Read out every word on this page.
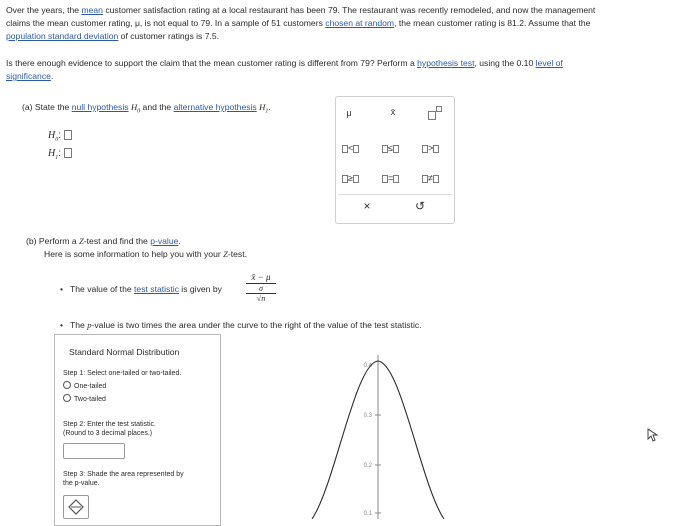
Over the years, the mean customer satisfaction rating at a local restaurant has been 79. The restaurant was recently remodeled, and now the management

claims the mean customer rating, μ, is not equal to 79. In a sample of 51 customers chosen at random, the mean customer rating is 81.2. Assume that the

population standard deviation of customer ratings is 7.5.

Is there enough evidence to support the claim that the mean customer rating is different from 79? Perform a hypothesis test, using the 0.10 level of

significance.

(a) State the null hypothesis $H_0$ and the alternative hypothesis $H_1$.
$H_0$:
$H_1$:
μ	x̄
<	≤	>
≥	=	≠
×	↺
(b) Perform a Z-test and find the p-value.
Here is some information to help you with your Z-test.
• The value of the test statistic is given by
x̄ − μ
σ
√n
• The p-value is two times the area under the curve to the right of the value of the test statistic.
Standard Normal Distribution
Step 1: Select one-tailed or two-tailed.
One-tailed
Two-tailed
Step 2: Enter the test statistic.
(Round to 3 decimal places.)
Step 3: Shade the area represented by
the p-value.
0.4
0.3
0.2
0.1
